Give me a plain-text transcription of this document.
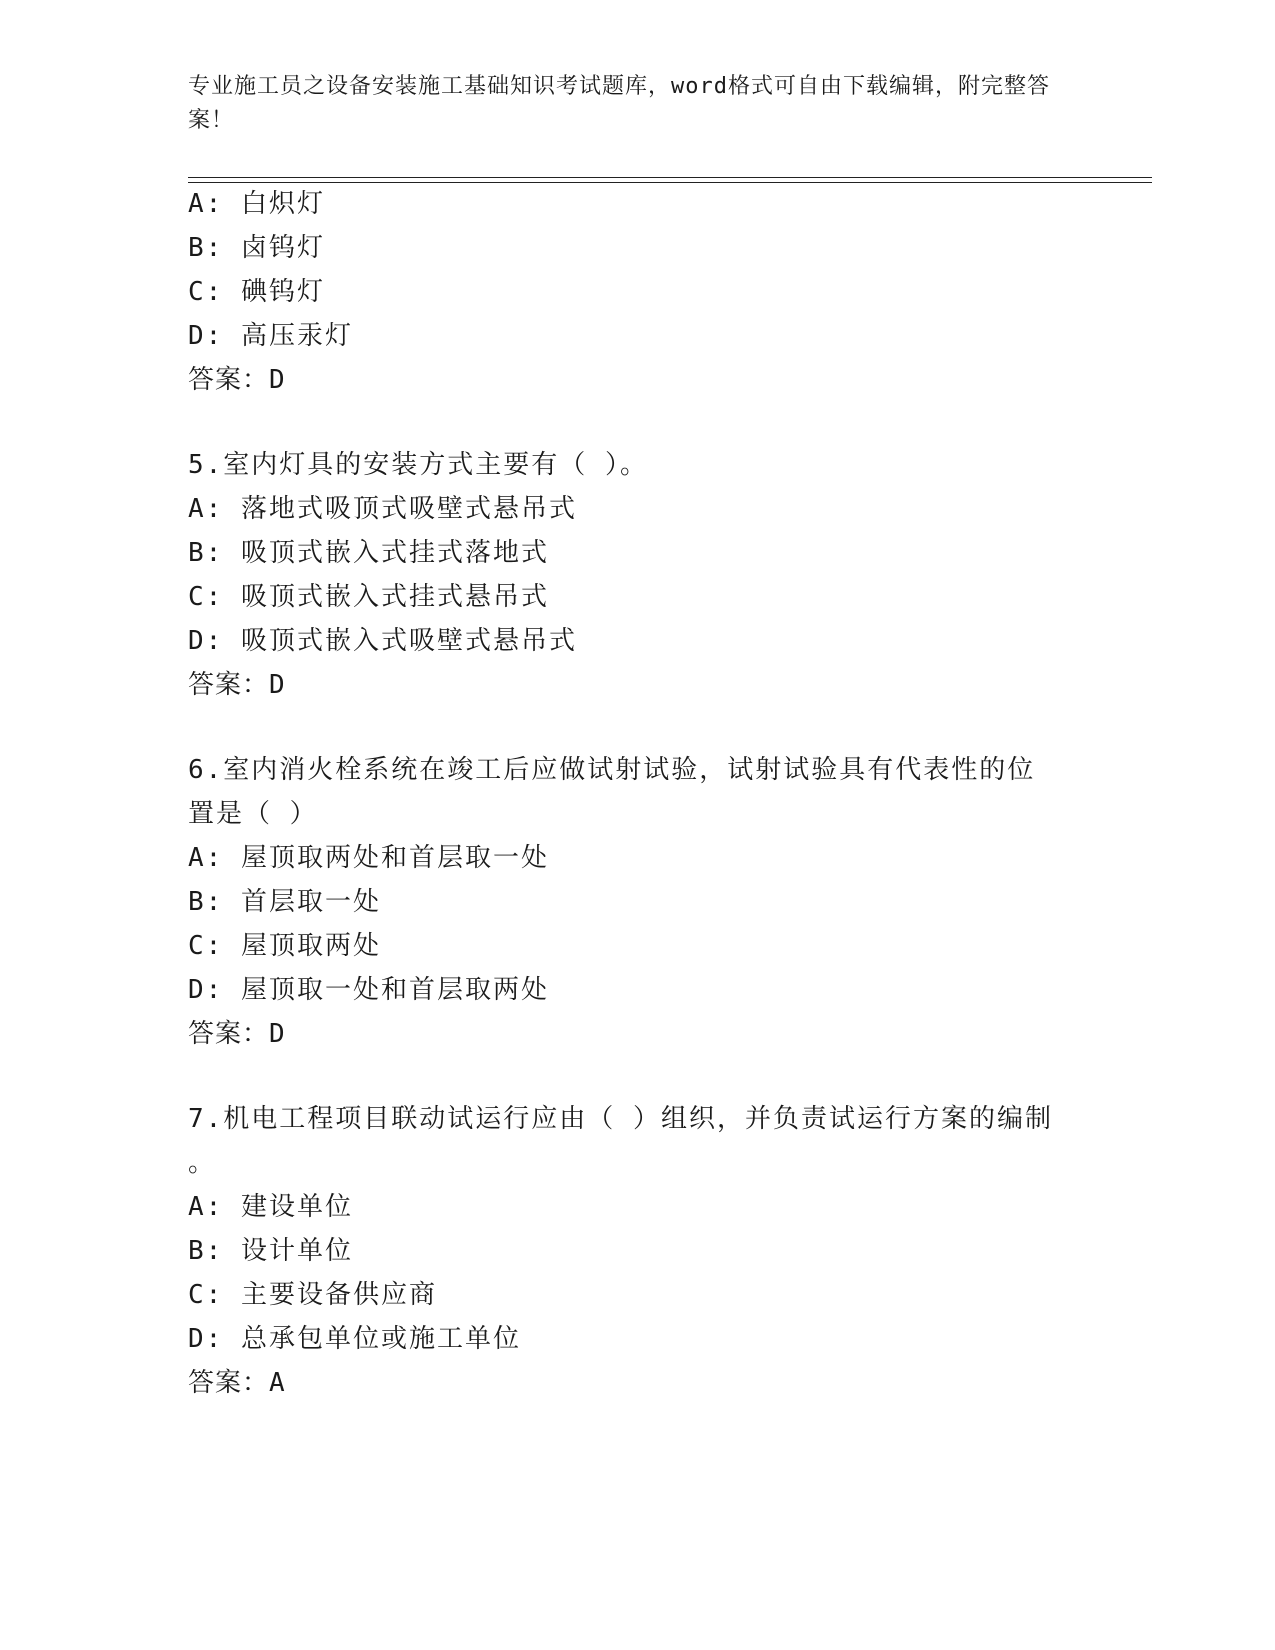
专业施工员之设备安装施工基础知识考试题库，word格式可自由下载编辑，附完整答案！
A: 白炽灯
B: 卤钨灯
C: 碘钨灯
D: 高压汞灯
答案：D
5.室内灯具的安装方式主要有（ ）。
A: 落地式吸顶式吸壁式悬吊式
B: 吸顶式嵌入式挂式落地式
C: 吸顶式嵌入式挂式悬吊式
D: 吸顶式嵌入式吸壁式悬吊式
答案：D
6.室内消火栓系统在竣工后应做试射试验，试射试验具有代表性的位
置是（ ）
A: 屋顶取两处和首层取一处
B: 首层取一处
C: 屋顶取两处
D: 屋顶取一处和首层取两处
答案：D
7.机电工程项目联动试运行应由（ ）组织，并负责试运行方案的编制
。
A: 建设单位
B: 设计单位
C: 主要设备供应商
D: 总承包单位或施工单位
答案：A
